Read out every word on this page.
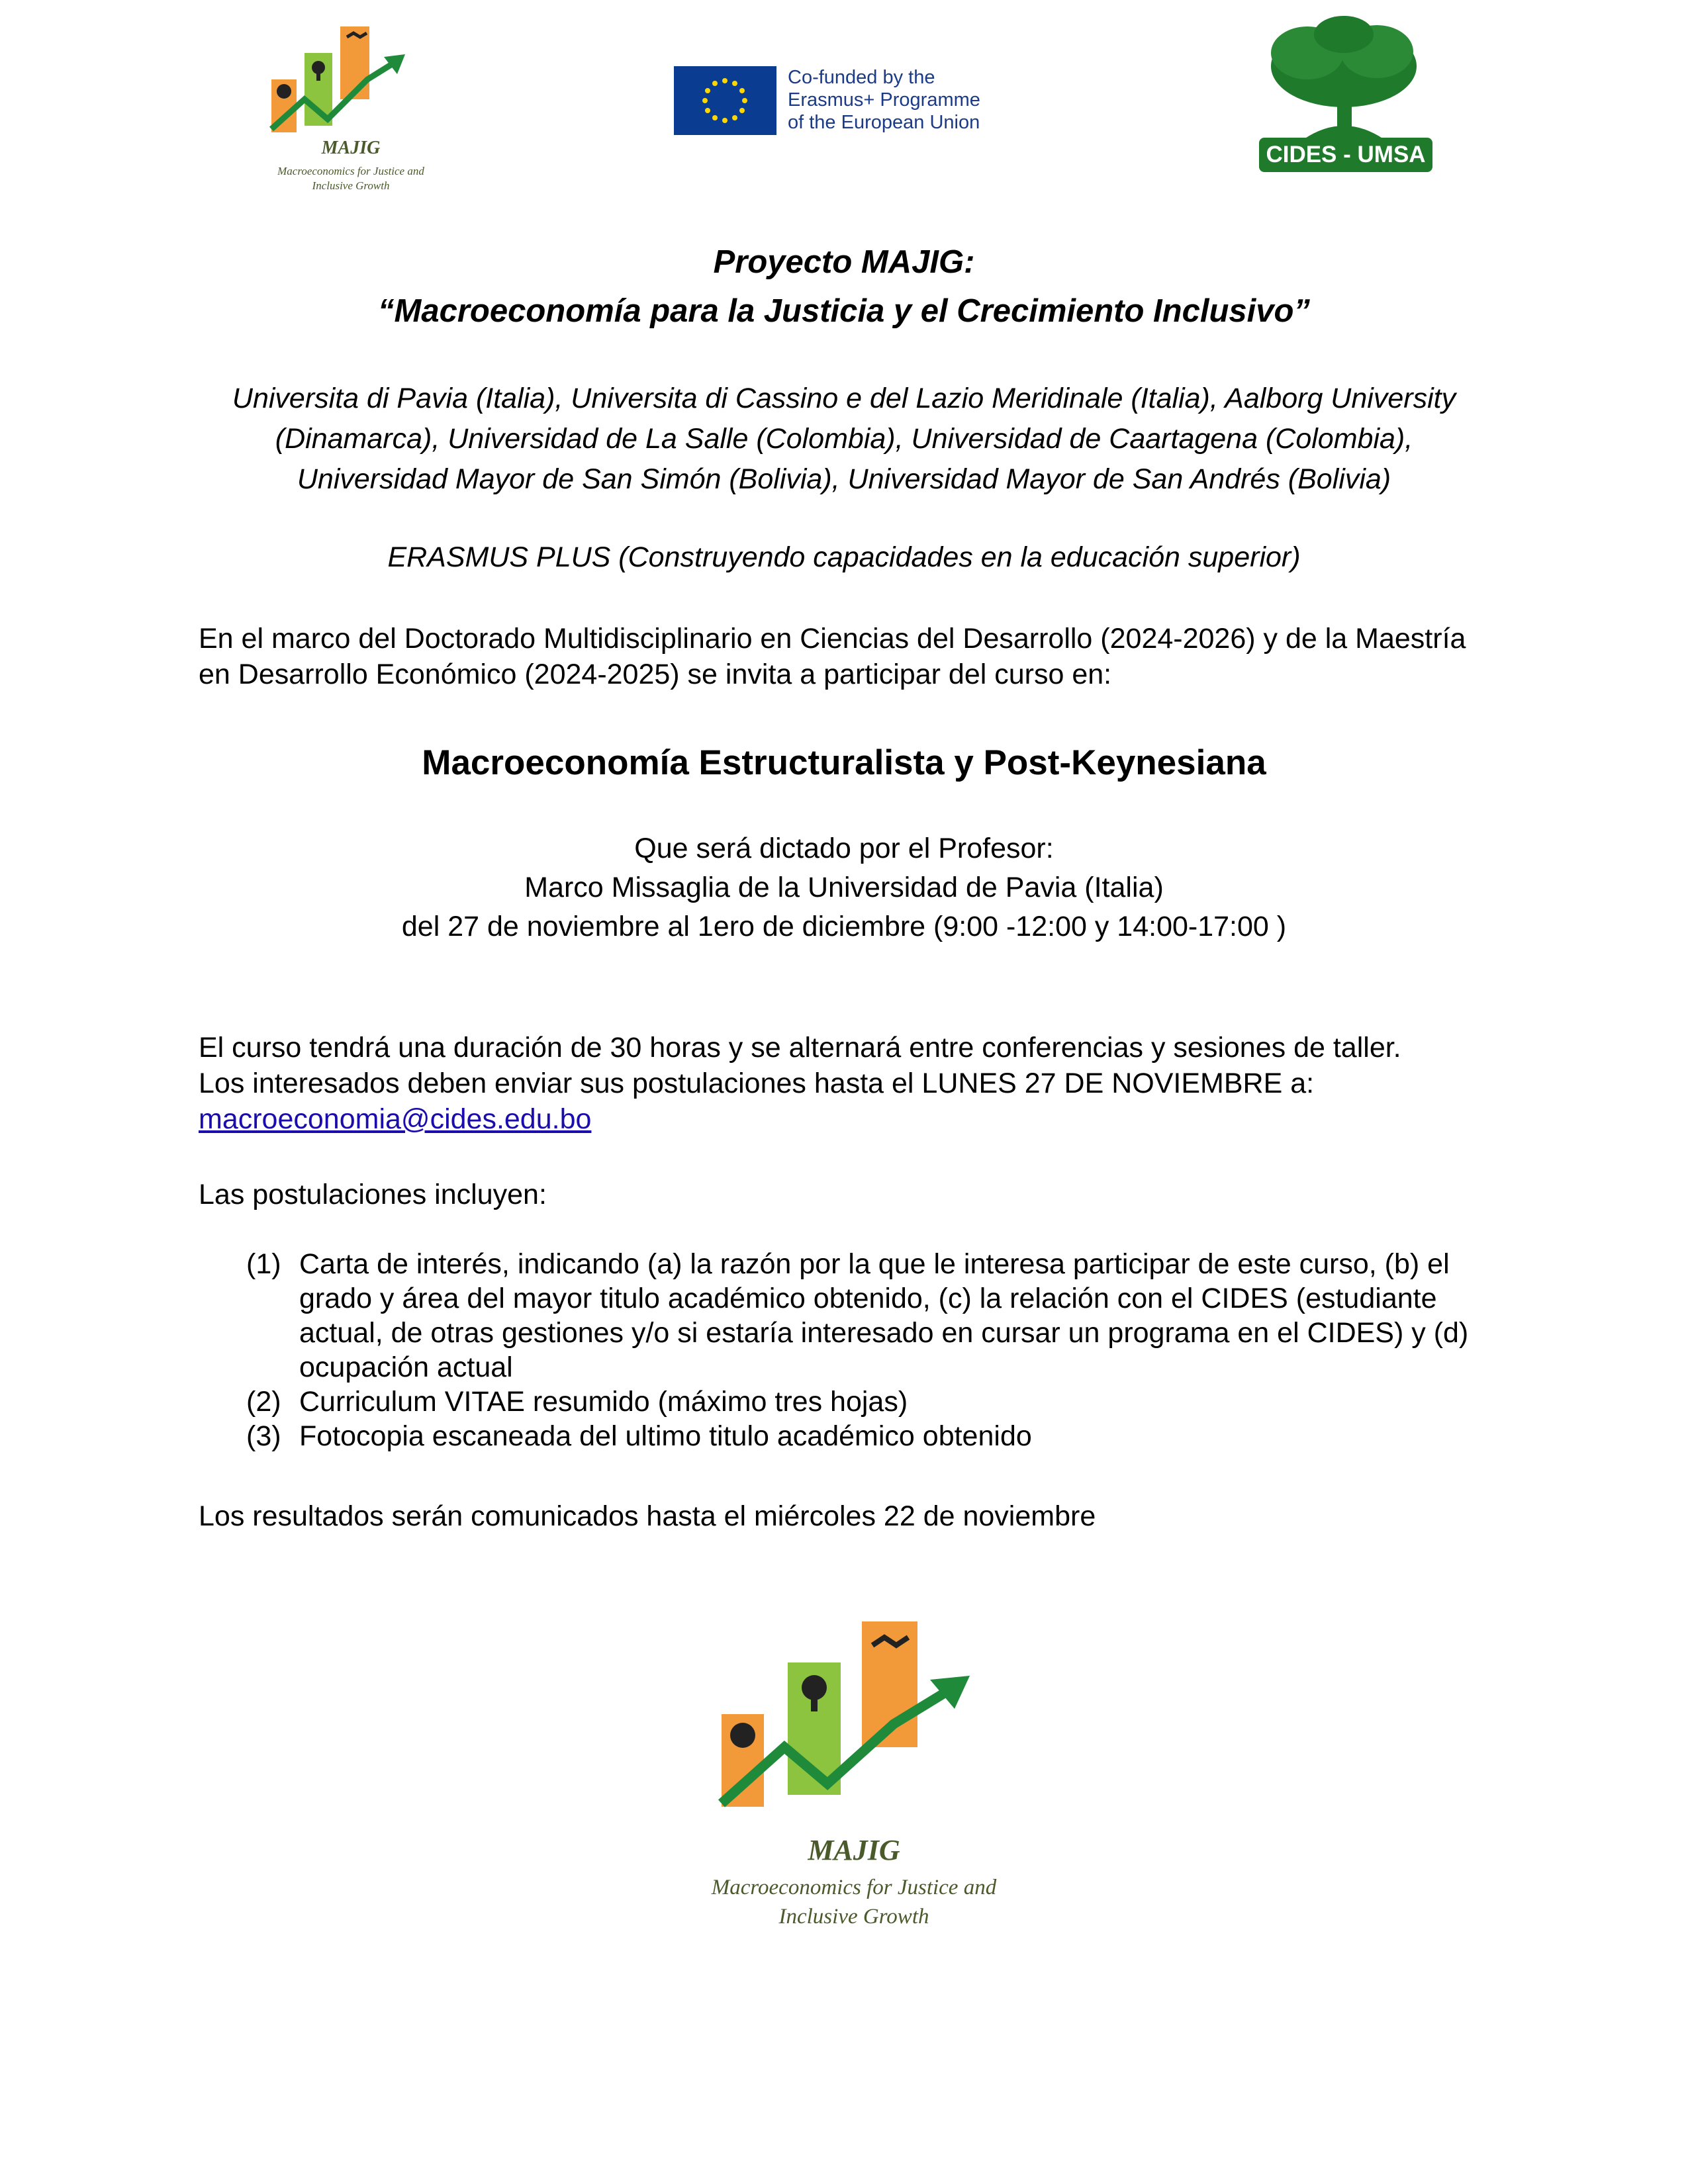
MAJIG
Macroeconomics for Justice and
Inclusive Growth
Co-funded by the
Erasmus+ Programme
of the European Union
CIDES - UMSA
Proyecto MAJIG:
“Macroeconomía para la Justicia y el Crecimiento Inclusivo”
Universita di Pavia (Italia), Universita di Cassino e del Lazio Meridinale (Italia), Aalborg University (Dinamarca), Universidad de La Salle (Colombia), Universidad de Caartagena (Colombia), Universidad Mayor de San Simón (Bolivia), Universidad Mayor de San Andrés (Bolivia)
ERASMUS PLUS (Construyendo capacidades en la educación superior)
En el marco del Doctorado Multidisciplinario en Ciencias del Desarrollo (2024-2026) y de la Maestría en Desarrollo Económico (2024-2025) se invita a participar del curso en:
Macroeconomía Estructuralista y Post-Keynesiana
Que será dictado por el Profesor:
Marco Missaglia de la Universidad de Pavia (Italia)
del 27 de noviembre al 1ero de diciembre (9:00 -12:00 y 14:00-17:00 )
El curso tendrá una duración de 30 horas y se alternará entre conferencias y sesiones de taller.
Los interesados deben enviar sus postulaciones hasta el LUNES 27 DE NOVIEMBRE a:
macroeconomia@cides.edu.bo
Las postulaciones incluyen:
(1) Carta de interés, indicando (a) la razón por la que le interesa participar de este curso, (b) el grado y área del mayor titulo académico obtenido, (c) la relación con el CIDES (estudiante actual, de otras gestiones y/o si estaría interesado en cursar un programa en el CIDES) y (d) ocupación actual
(2) Curriculum VITAE resumido (máximo tres hojas)
(3) Fotocopia escaneada del ultimo titulo académico obtenido
Los resultados serán comunicados hasta el miércoles 22 de noviembre
MAJIG
Macroeconomics for Justice and
Inclusive Growth
